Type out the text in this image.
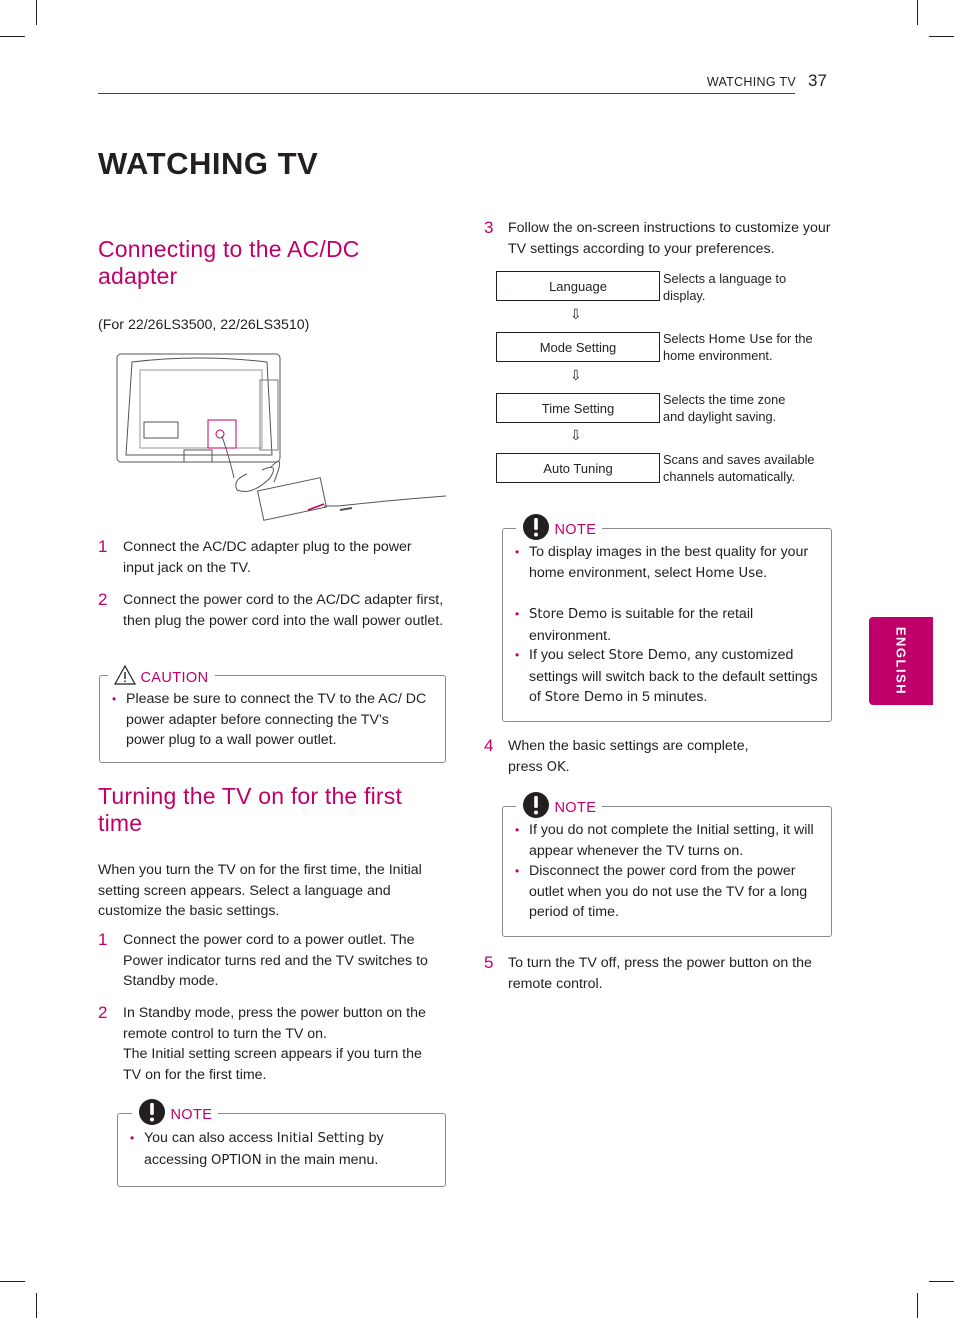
WATCHING TV 37
WATCHING TV
ENGLISH
Connecting to the AC/DC adapter
(For 22/26LS3500, 22/26LS3510)
1 Connect the AC/DC adapter plug to the power input jack on the TV.
2 Connect the power cord to the AC/DC adapter first, then plug the power cord into the wall power outlet.
CAUTION
• Please be sure to connect the TV to the AC/ DC power adapter before connecting the TV’s power plug to a wall power outlet.
Turning the TV on for the first time
When you turn the TV on for the first time, the Initial setting screen appears. Select a language and customize the basic settings.
1 Connect the power cord to a power outlet. The Power indicator turns red and the TV switches to Standby mode.
2 In Standby mode, press the power button on the remote control to turn the TV on.
The Initial setting screen appears if you turn the TV on for the first time.
NOTE
• You can also access Initial Setting by accessing OPTION in the main menu.
3 Follow the on-screen instructions to customize your TV settings according to your preferences.
Language	Selects a language to display.
⇩
Mode Setting
Selects Home Use for the home environment.
⇩
Time Setting
Selects the time zone and daylight saving.
⇩
Auto Tuning
Scans and saves available channels automatically.
NOTE
• To display images in the best quality for your home environment, select Home Use.
• Store Demo is suitable for the retail environment.
• If you select Store Demo, any customized settings will switch back to the default settings of Store Demo in 5 minutes.
4 When the basic settings are complete, press OK.
NOTE
• If you do not complete the Initial setting, it will appear whenever the TV turns on.
• Disconnect the power cord from the power outlet when you do not use the TV for a long period of time.
5 To turn the TV off, press the power button on the remote control.
